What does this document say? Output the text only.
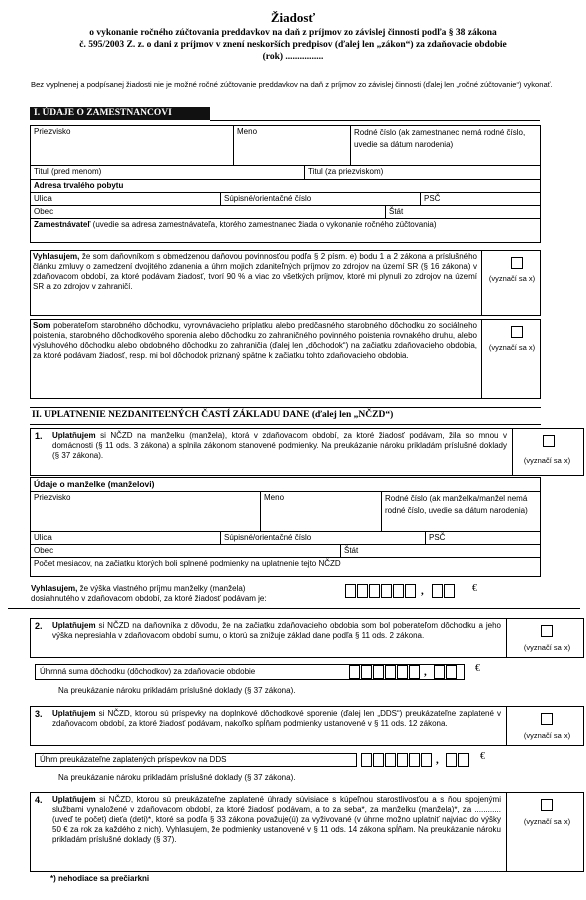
Žiadosť
o vykonanie ročného zúčtovania preddavkov na daň z príjmov zo závislej činnosti podľa § 38 zákona
č. 595/2003 Z. z. o dani z príjmov v znení neskorších predpisov (ďalej len „zákon“) za zdaňovacie obdobie
(rok) ................
Bez vyplnenej a podpísanej žiadosti nie je možné ročné zúčtovanie preddavkov na daň z príjmov zo závislej činnosti (ďalej len „ročné zúčtovanie“) vykonať.
I. ÚDAJE O ZAMESTNANCOVI
Priezvisko	Meno	Rodné číslo (ak zamestnanec nemá rodné číslo, uvedie sa dátum narodenia)
Titul (pred menom)	Titul (za priezviskom)
Adresa trvalého pobytu
Ulica	Súpisné/orientačné číslo	PSČ
Obec	Štát
Zamestnávateľ (uvedie sa adresa zamestnávateľa, ktorého zamestnanec žiada o vykonanie ročného zúčtovania)
Vyhlasujem, že som daňovníkom s obmedzenou daňovou povinnosťou podľa § 2 písm. e) bodu 1 a 2 zákona a príslušného článku zmluvy o zamedzení dvojitého zdanenia a úhrn mojich zdaniteľných príjmov zo zdrojov na území SR (§ 16 zákona) v zdaňovacom období, za ktoré podávam žiadosť, tvorí 90 % a viac zo všetkých príjmov, ktoré mi plynuli zo zdrojov na území SR a zo zdrojov v zahraničí.
(vyznačí sa x)
Som poberateľom starobného dôchodku, vyrovnávacieho príplatku alebo predčasného starobného dôchodku zo sociálneho poistenia, starobného dôchodkového sporenia alebo dôchodku zo zahraničného povinného poistenia rovnakého druhu, alebo výsluhového dôchodku alebo obdobného dôchodku zo zahraničia (ďalej len „dôchodok“) na začiatku zdaňovacieho obdobia, za ktoré podávam žiadosť, resp. mi bol dôchodok priznaný spätne k začiatku tohto zdaňovacieho obdobia.
(vyznačí sa x)
II. UPLATNENIE NEZDANITEĽNÝCH ČASTÍ ZÁKLADU DANE (ďalej len „NČZD“)
1. Uplatňujem si NČZD na manželku (manžela), ktorá v zdaňovacom období, za ktoré žiadosť podávam, žila so mnou v domácnosti (§ 11 ods. 3 zákona) a splnila zákonom stanovené podmienky. Na preukázanie nároku prikladám príslušné doklady (§ 37 zákona).
(vyznačí sa x)
Údaje o manželke (manželovi)
Priezvisko	Meno	Rodné číslo (ak manželka/manžel nemá rodné číslo, uvedie sa dátum narodenia)
Ulica	Súpisné/orientačné číslo	PSČ
Obec	Štát
Počet mesiacov, na začiatku ktorých boli splnené podmienky na uplatnenie tejto NČZD
Vyhlasujem, že výška vlastného príjmu manželky (manžela)
dosiahnutého v zdaňovacom období, za ktoré žiadosť podávam je:
,	€
2. Uplatňujem si NČZD na daňovníka z dôvodu, že na začiatku zdaňovacieho obdobia som bol poberateľom dôchodku a jeho výška nepresiahla v zdaňovacom období sumu, o ktorú sa znižuje základ dane podľa § 11 ods. 2 zákona.
(vyznačí sa x)
Úhrnná suma dôchodku (dôchodkov) za zdaňovacie obdobie	,	€
Na preukázanie nároku prikladám príslušné doklady (§ 37 zákona).
3. Uplatňujem si NČZD, ktorou sú príspevky na doplnkové dôchodkové sporenie (ďalej len „DDS“) preukázateľne zaplatené v zdaňovacom období, za ktoré žiadosť podávam, nakoľko spĺňam podmienky ustanovené v § 11 ods. 12 zákona.
(vyznačí sa x)
Úhrn preukázateľne zaplatených príspevkov na DDS	,	€
Na preukázanie nároku prikladám príslušné doklady (§ 37 zákona).
4. Uplatňujem si NČZD, ktorou sú preukázateľne zaplatené úhrady súvisiace s kúpeľnou starostlivosťou a s ňou spojenými službami vynaložené v zdaňovacom období, za ktoré žiadosť podávam, a to za seba*, za manželku (manžela)*, za ............ (uveď te počet) dieťa (deti)*, ktoré sa podľa § 33 zákona považuje(ú) za vyživované (v úhrne možno uplatniť najviac do výšky 50 € za rok za každého z nich). Vyhlasujem, že podmienky ustanovené v § 11 ods. 14 zákona spĺňam. Na preukázanie nároku prikladám príslušné doklady (§ 37).
(vyznačí sa x)
*) nehodiace sa prečiarkni
